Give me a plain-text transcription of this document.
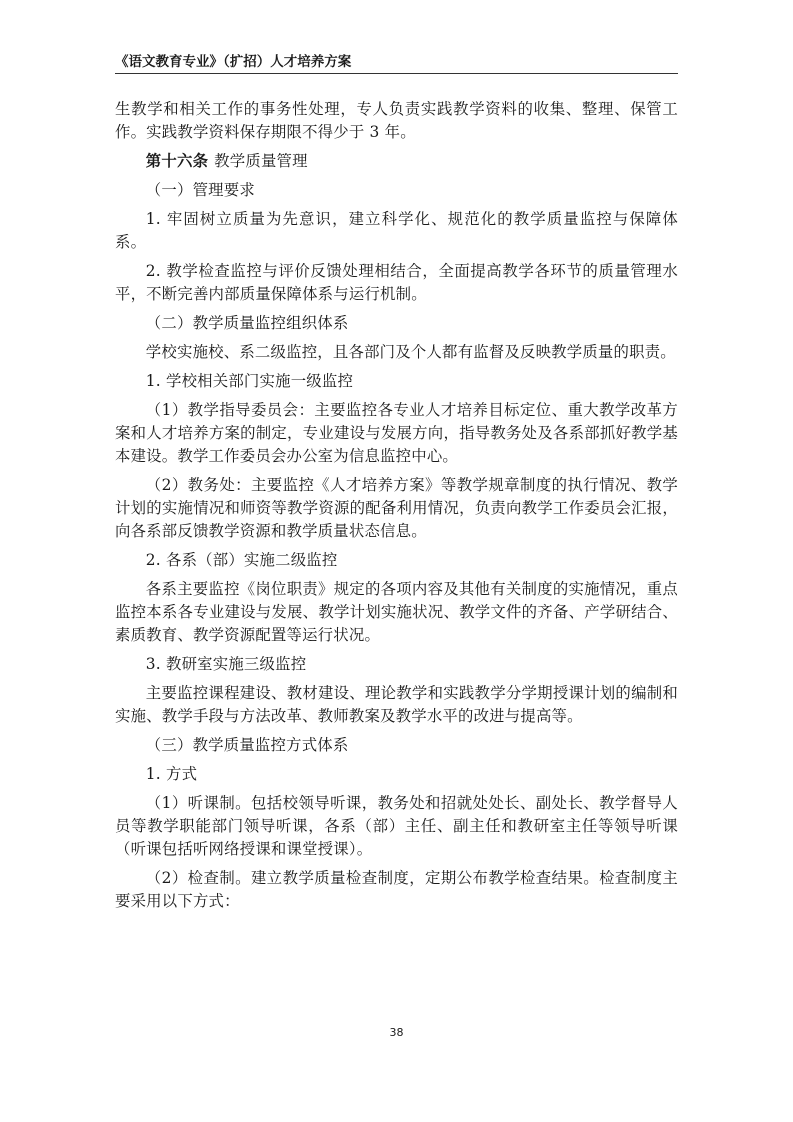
《语文教育专业》（扩招）人才培养方案

生教学和相关工作的事务性处理，专人负责实践教学资料的收集、整理、保管工作。实践教学资料保存期限不得少于 3 年。

第十六条 教学质量管理

（一）管理要求

1. 牢固树立质量为先意识，建立科学化、规范化的教学质量监控与保障体系。

2. 教学检查监控与评价反馈处理相结合，全面提高教学各环节的质量管理水平，不断完善内部质量保障体系与运行机制。

（二）教学质量监控组织体系

学校实施校、系二级监控，且各部门及个人都有监督及反映教学质量的职责。

1. 学校相关部门实施一级监控

（1）教学指导委员会：主要监控各专业人才培养目标定位、重大教学改革方案和人才培养方案的制定，专业建设与发展方向，指导教务处及各系部抓好教学基本建设。教学工作委员会办公室为信息监控中心。

（2）教务处：主要监控《人才培养方案》等教学规章制度的执行情况、教学计划的实施情况和师资等教学资源的配备利用情况，负责向教学工作委员会汇报，向各系部反馈教学资源和教学质量状态信息。

2. 各系（部）实施二级监控

各系主要监控《岗位职责》规定的各项内容及其他有关制度的实施情况，重点监控本系各专业建设与发展、教学计划实施状况、教学文件的齐备、产学研结合、素质教育、教学资源配置等运行状况。

3. 教研室实施三级监控

主要监控课程建设、教材建设、理论教学和实践教学分学期授课计划的编制和实施、教学手段与方法改革、教师教案及教学水平的改进与提高等。

（三）教学质量监控方式体系

1. 方式

（1）听课制。包括校领导听课，教务处和招就处处长、副处长、教学督导人员等教学职能部门领导听课，各系（部）主任、副主任和教研室主任等领导听课（听课包括听网络授课和课堂授课）。

（2）检查制。建立教学质量检查制度，定期公布教学检查结果。检查制度主要采用以下方式：

38
